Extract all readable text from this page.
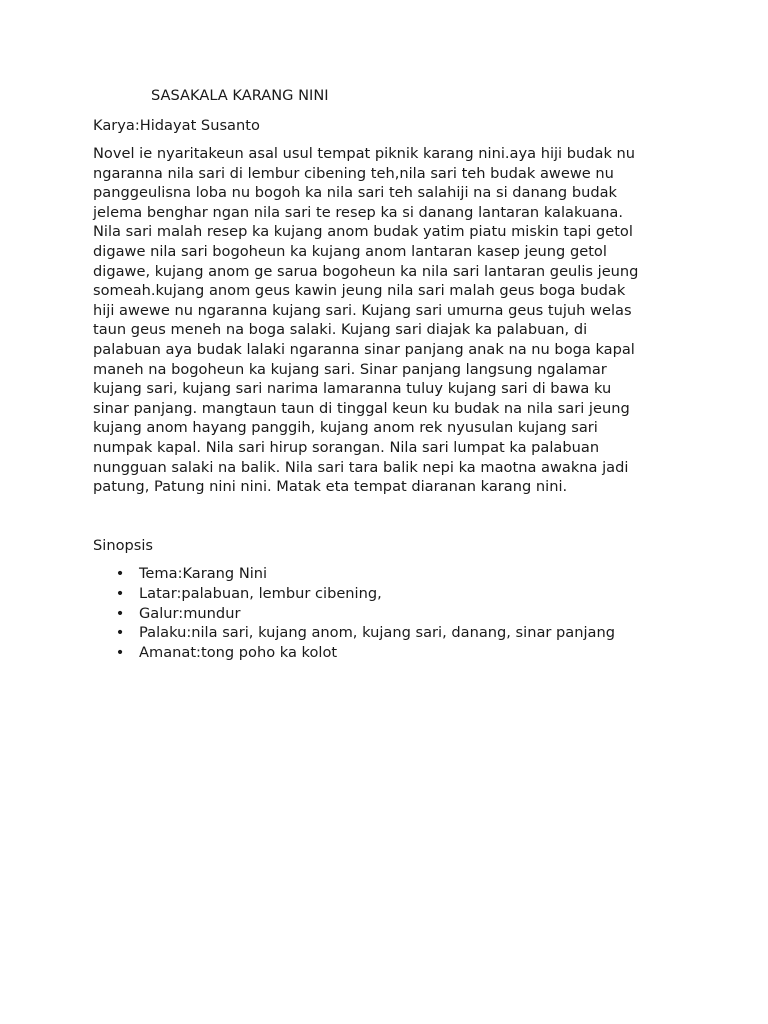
SASAKALA KARANG NINI
Karya:Hidayat Susanto
Novel ie nyaritakeun asal usul tempat piknik karang nini.aya hiji budak nu
ngaranna nila sari di lembur cibening teh,nila sari teh budak awewe nu
panggeulisna loba nu bogoh ka nila sari teh salahiji na si danang budak
jelema benghar ngan nila sari te resep ka si danang lantaran kalakuana.
Nila sari malah resep ka kujang anom budak yatim piatu miskin tapi getol
digawe nila sari bogoheun ka kujang anom lantaran kasep jeung getol
digawe, kujang anom ge sarua bogoheun ka nila sari lantaran geulis jeung
someah.kujang anom geus kawin jeung nila sari malah geus boga budak
hiji awewe nu ngaranna kujang sari. Kujang sari umurna geus tujuh welas
taun geus meneh na boga salaki. Kujang sari diajak ka palabuan, di
palabuan aya budak lalaki ngaranna sinar panjang anak na nu boga kapal
maneh na bogoheun ka kujang sari. Sinar panjang langsung ngalamar
kujang sari, kujang sari narima lamaranna tuluy kujang sari di bawa ku
sinar panjang. mangtaun taun di tinggal keun ku budak na nila sari jeung
kujang anom hayang panggih, kujang anom rek nyusulan kujang sari
numpak kapal. Nila sari hirup sorangan. Nila sari lumpat ka palabuan
nungguan salaki na balik. Nila sari tara balik nepi ka maotna awakna jadi
patung, Patung nini nini. Matak eta tempat diaranan karang nini.
Sinopsis
• Tema:Karang Nini
• Latar:palabuan, lembur cibening,
• Galur:mundur
• Palaku:nila sari, kujang anom, kujang sari, danang, sinar panjang
• Amanat:tong poho ka kolot
